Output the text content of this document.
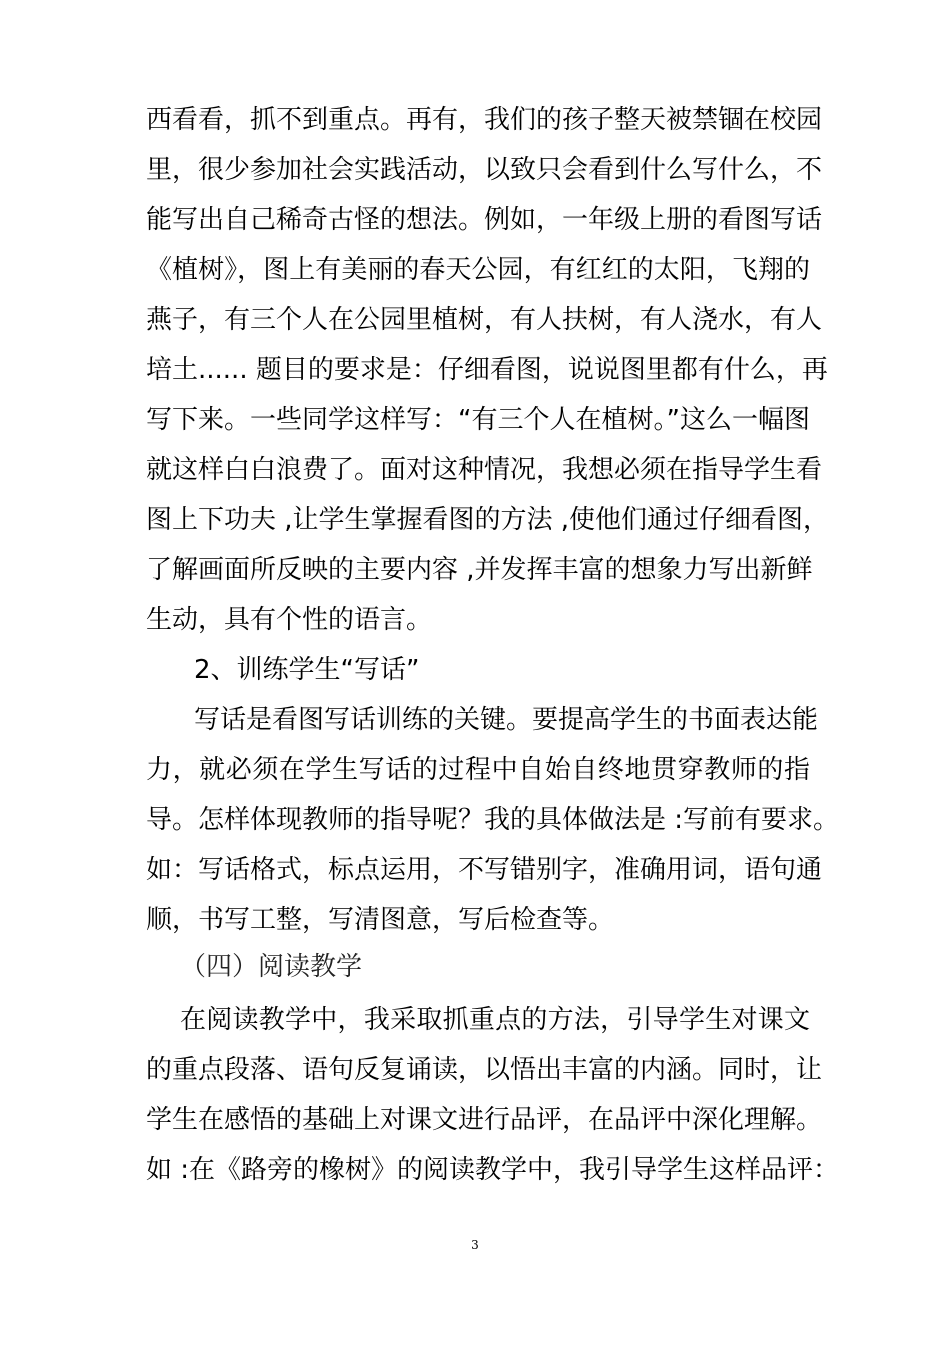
西看看，抓不到重点。再有，我们的孩子整天被禁锢在校园
里，很少参加社会实践活动，以致只会看到什么写什么，不
能写出自己稀奇古怪的想法。例如，一年级上册的看图写话
《植树》，图上有美丽的春天公园，有红红的太阳，飞翔的
燕子，有三个人在公园里植树，有人扶树，有人浇水，有人
培土...... 题目的要求是：仔细看图，说说图里都有什么，再
写下来。一些同学这样写：“有三个人在植树。”这么一幅图
就这样白白浪费了。面对这种情况，我想必须在指导学生看
图上下功夫 ,让学生掌握看图的方法 ,使他们通过仔细看图，
了解画面所反映的主要内容 ,并发挥丰富的想象力写出新鲜
生动，具有个性的语言。
2、训练学生“写话”
写话是看图写话训练的关键。要提高学生的书面表达能
力，就必须在学生写话的过程中自始自终地贯穿教师的指
导。怎样体现教师的指导呢？我的具体做法是 :写前有要求。
如：写话格式，标点运用，不写错别字，准确用词，语句通
顺，书写工整，写清图意，写后检查等。
（四）阅读教学
在阅读教学中，我采取抓重点的方法，引导学生对课文
的重点段落、语句反复诵读，以悟出丰富的内涵。同时，让
学生在感悟的基础上对课文进行品评，在品评中深化理解。
如 :在《路旁的橡树》的阅读教学中，我引导学生这样品评：
3
